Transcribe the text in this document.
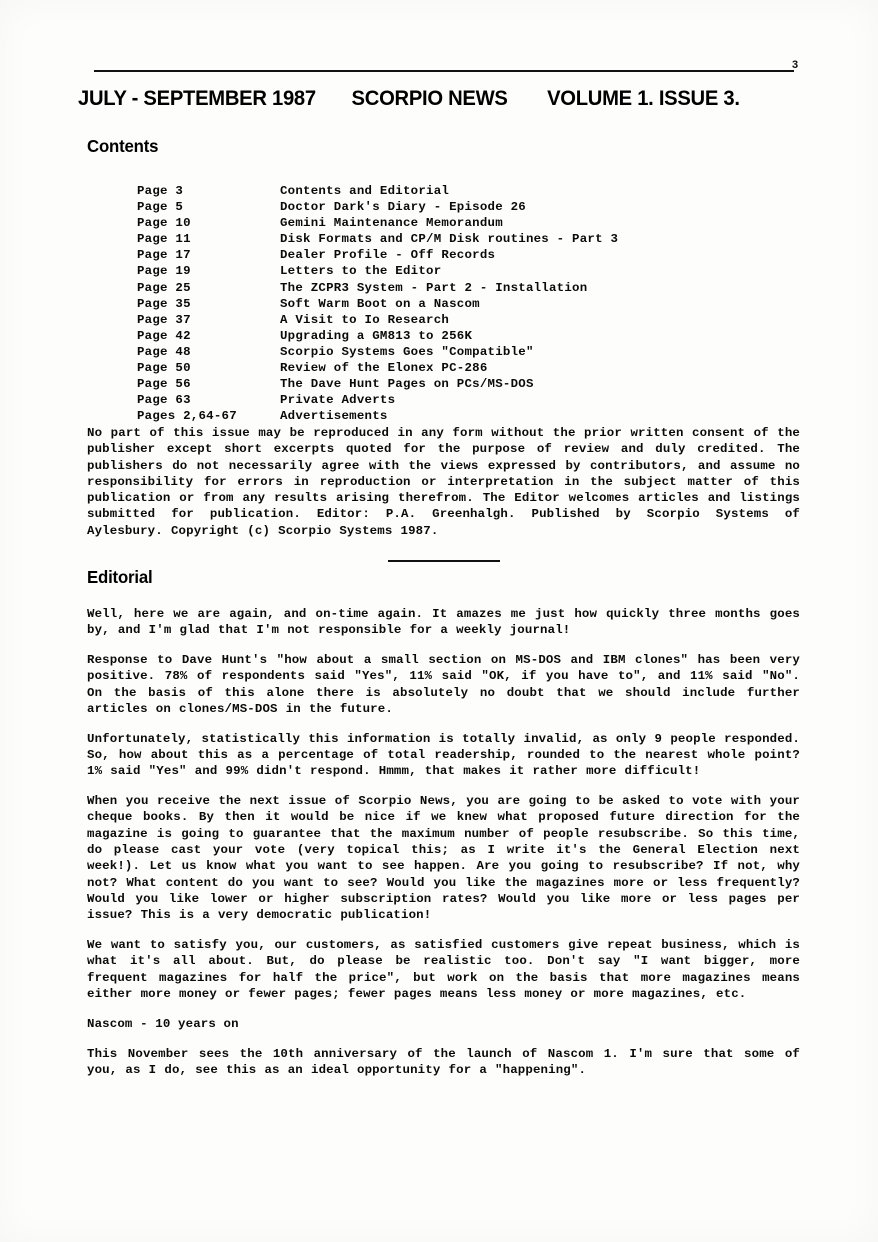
3
JULY - SEPTEMBER 1987 SCORPIO NEWS VOLUME 1. ISSUE 3.
Contents
Page 3	Contents and Editorial
Page 5	Doctor Dark's Diary - Episode 26
Page 10	Gemini Maintenance Memorandum
Page 11	Disk Formats and CP/M Disk routines - Part 3
Page 17	Dealer Profile - Off Records
Page 19	Letters to the Editor
Page 25	The ZCPR3 System - Part 2 - Installation
Page 35	Soft Warm Boot on a Nascom
Page 37	A Visit to Io Research
Page 42	Upgrading a GM813 to 256K
Page 48	Scorpio Systems Goes "Compatible"
Page 50	Review of the Elonex PC-286
Page 56	The Dave Hunt Pages on PCs/MS-DOS
Page 63	Private Adverts
Pages 2,64-67	Advertisements

No part of this issue may be reproduced in any form without the prior written consent of the publisher except short excerpts quoted for the purpose of review and duly credited. The publishers do not necessarily agree with the views expressed by contributors, and assume no responsibility for errors in reproduction or interpretation in the subject matter of this publication or from any results arising therefrom. The Editor welcomes articles and listings submitted for publication. Editor: P.A. Greenhalgh. Published by Scorpio Systems of Aylesbury. Copyright (c) Scorpio Systems 1987.

Editorial

Well, here we are again, and on-time again. It amazes me just how quickly three months goes by, and I'm glad that I'm not responsible for a weekly journal!

Response to Dave Hunt's "how about a small section on MS-DOS and IBM clones" has been very positive. 78% of respondents said "Yes", 11% said "OK, if you have to", and 11% said "No". On the basis of this alone there is absolutely no doubt that we should include further articles on clones/MS-DOS in the future.

Unfortunately, statistically this information is totally invalid, as only 9 people responded. So, how about this as a percentage of total readership, rounded to the nearest whole point? 1% said "Yes" and 99% didn't respond. Hmmm, that makes it rather more difficult!

When you receive the next issue of Scorpio News, you are going to be asked to vote with your cheque books. By then it would be nice if we knew what proposed future direction for the magazine is going to guarantee that the maximum number of people resubscribe. So this time, do please cast your vote (very topical this; as I write it's the General Election next week!). Let us know what you want to see happen. Are you going to resubscribe? If not, why not? What content do you want to see? Would you like the magazines more or less frequently? Would you like lower or higher subscription rates? Would you like more or less pages per issue? This is a very democratic publication!

We want to satisfy you, our customers, as satisfied customers give repeat business, which is what it's all about. But, do please be realistic too. Don't say "I want bigger, more frequent magazines for half the price", but work on the basis that more magazines means either more money or fewer pages; fewer pages means less money or more magazines, etc.

Nascom - 10 years on

This November sees the 10th anniversary of the launch of Nascom 1. I'm sure that some of you, as I do, see this as an ideal opportunity for a "happening".
